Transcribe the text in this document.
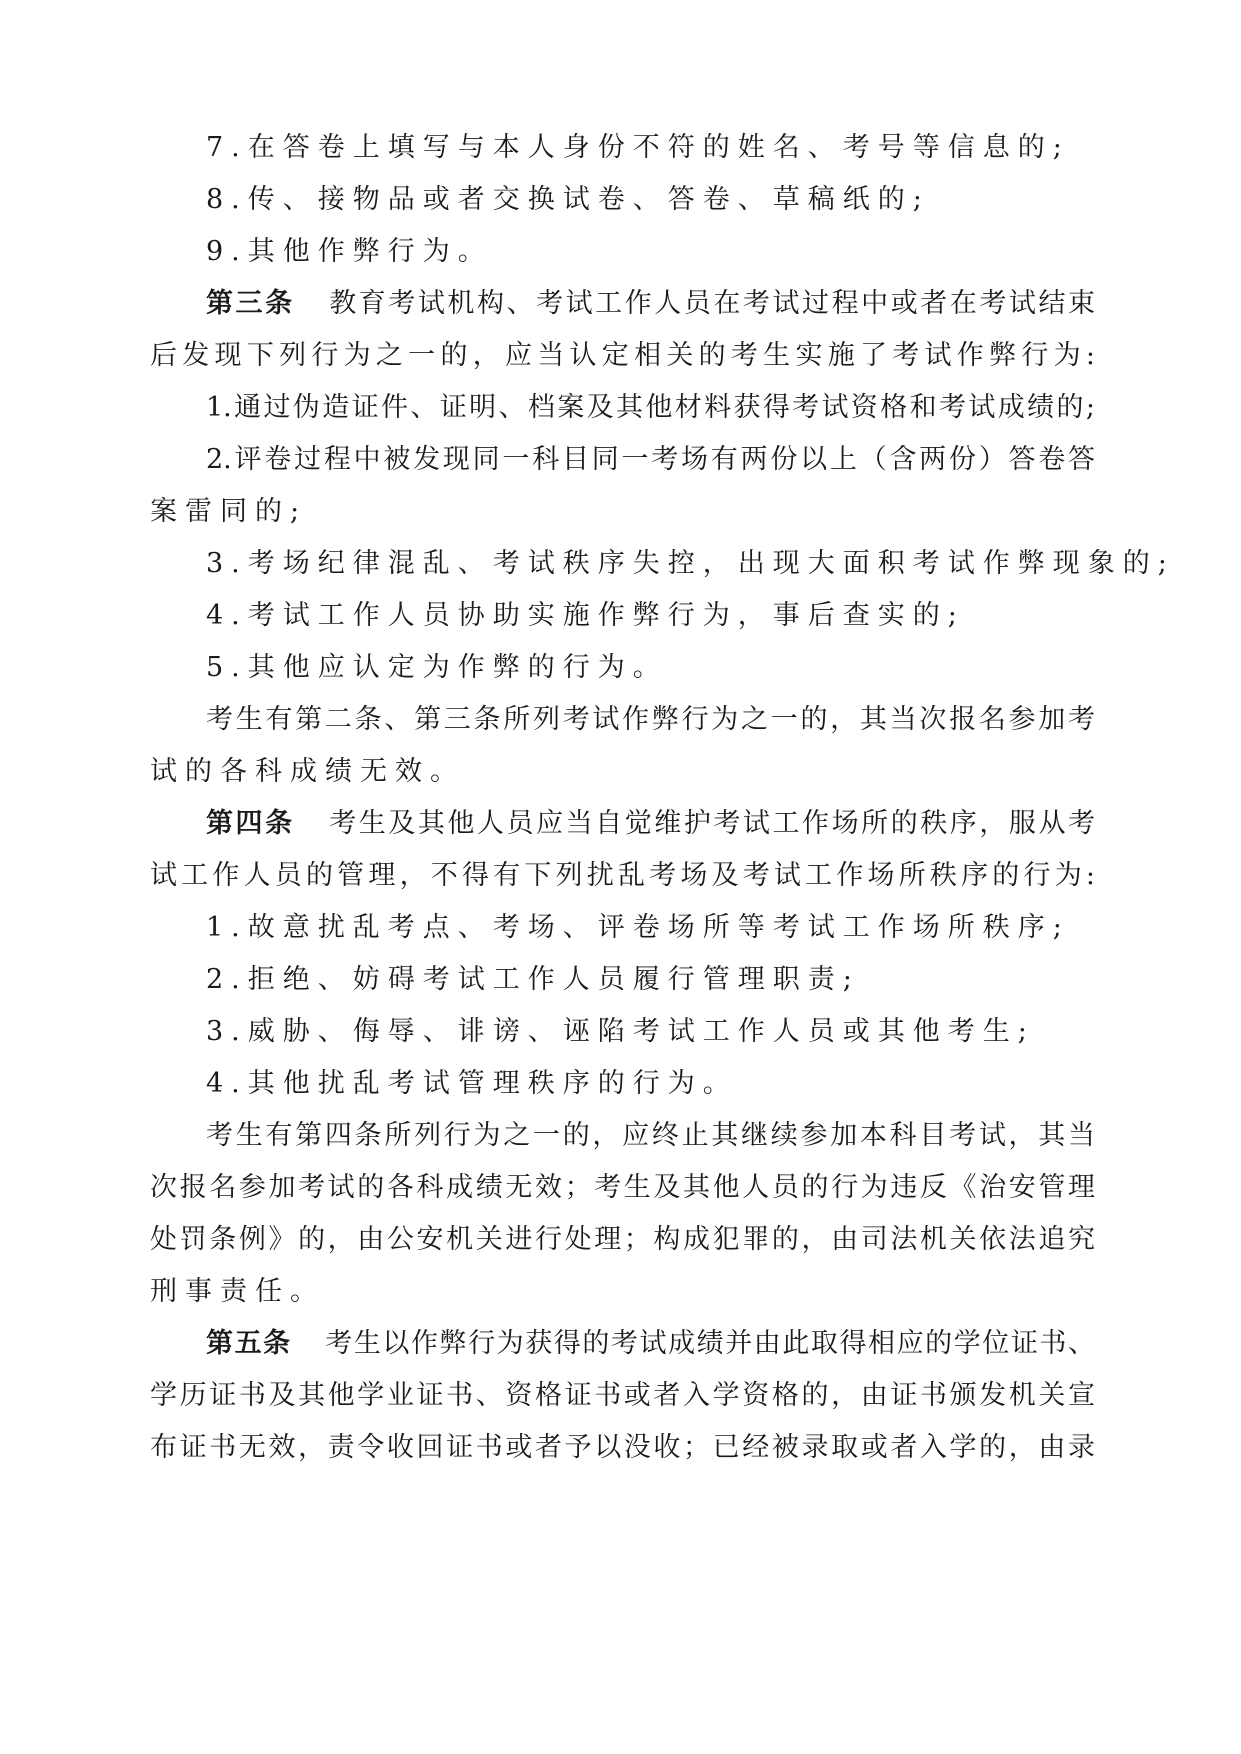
7.在答卷上填写与本人身份不符的姓名、考号等信息的;
8.传、接物品或者交换试卷、答卷、草稿纸的;
9.其他作弊行为。
第三条 教育考试机构、考试工作人员在考试过程中或者在考试结束
后发现下列行为之一的，应当认定相关的考生实施了考试作弊行为:
1.通过伪造证件、证明、档案及其他材料获得考试资格和考试成绩的;
2.评卷过程中被发现同一科目同一考场有两份以上（含两份）答卷答
案雷同的;
3.考场纪律混乱、考试秩序失控，出现大面积考试作弊现象的;
4.考试工作人员协助实施作弊行为，事后查实的;
5.其他应认定为作弊的行为。
考生有第二条、第三条所列考试作弊行为之一的，其当次报名参加考
试的各科成绩无效。
第四条 考生及其他人员应当自觉维护考试工作场所的秩序，服从考
试工作人员的管理，不得有下列扰乱考场及考试工作场所秩序的行为:
1.故意扰乱考点、考场、评卷场所等考试工作场所秩序;
2.拒绝、妨碍考试工作人员履行管理职责;
3.威胁、侮辱、诽谤、诬陷考试工作人员或其他考生;
4.其他扰乱考试管理秩序的行为。
考生有第四条所列行为之一的，应终止其继续参加本科目考试，其当
次报名参加考试的各科成绩无效；考生及其他人员的行为违反《治安管理
处罚条例》的，由公安机关进行处理；构成犯罪的，由司法机关依法追究
刑事责任。
第五条 考生以作弊行为获得的考试成绩并由此取得相应的学位证书、
学历证书及其他学业证书、资格证书或者入学资格的，由证书颁发机关宣
布证书无效，责令收回证书或者予以没收；已经被录取或者入学的，由录
